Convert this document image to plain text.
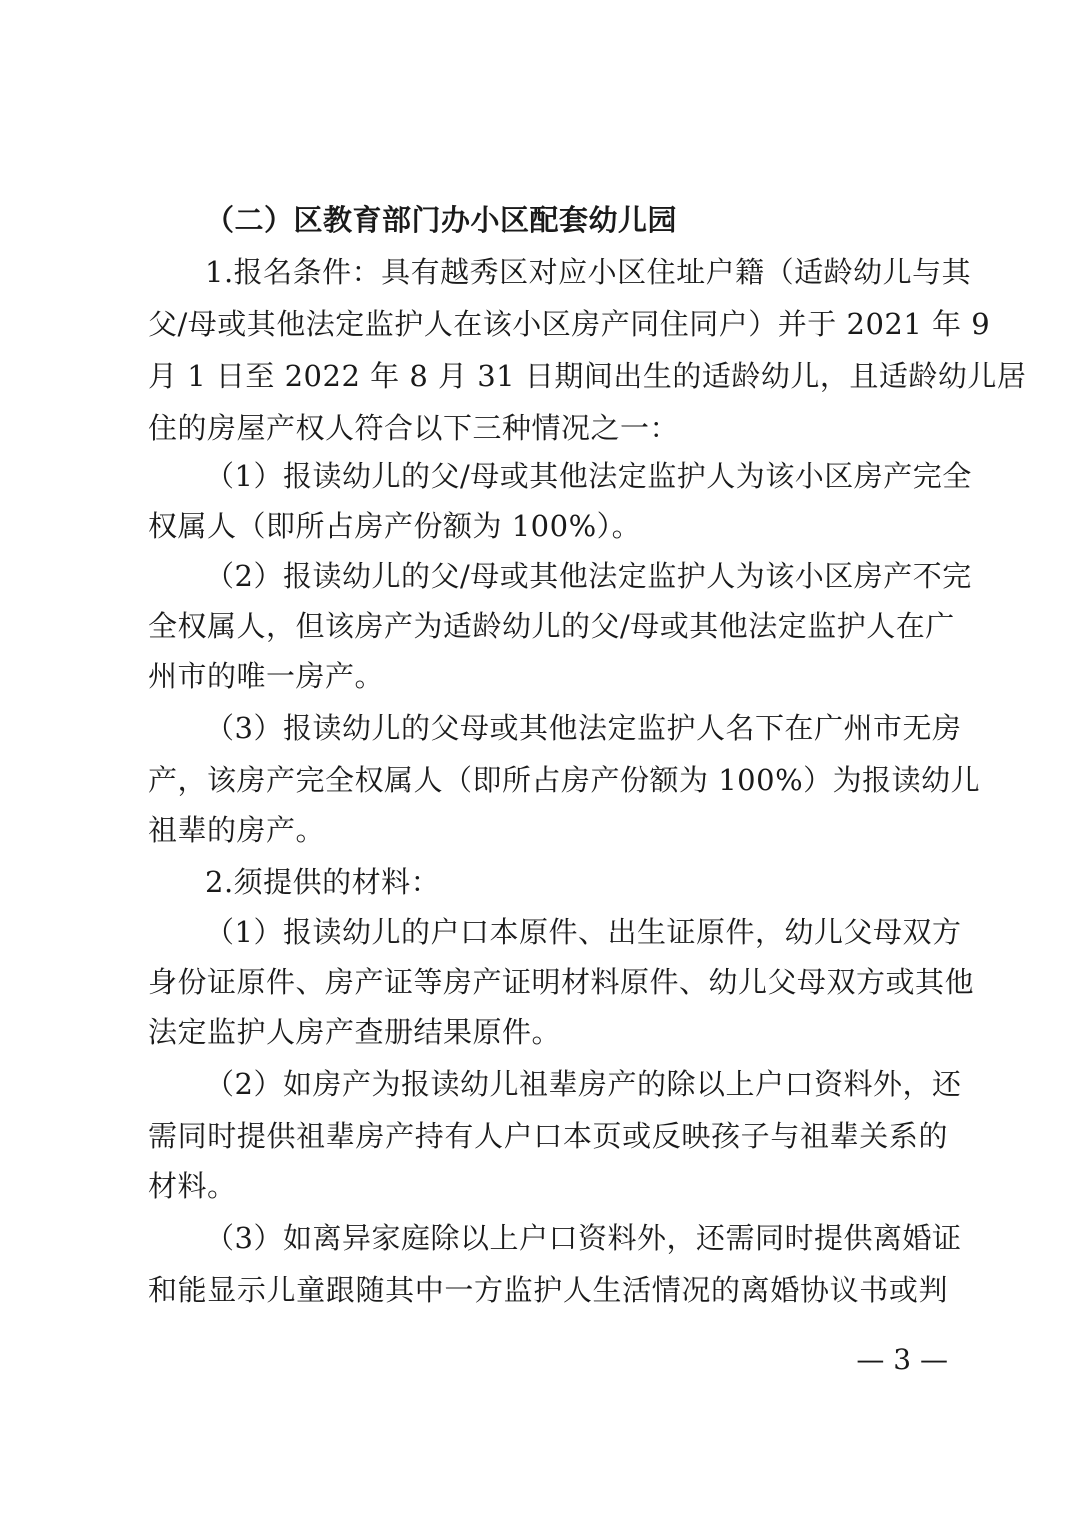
（二）区教育部门办小区配套幼儿园
1.报名条件：具有越秀区对应小区住址户籍（适龄幼儿与其
父/母或其他法定监护人在该小区房产同住同户）并于 2021 年 9
月 1 日至 2022 年 8 月 31 日期间出生的适龄幼儿，且适龄幼儿居
住的房屋产权人符合以下三种情况之一：
（1）报读幼儿的父/母或其他法定监护人为该小区房产完全
权属人（即所占房产份额为 100%）。
（2）报读幼儿的父/母或其他法定监护人为该小区房产不完
全权属人，但该房产为适龄幼儿的父/母或其他法定监护人在广
州市的唯一房产。
（3）报读幼儿的父母或其他法定监护人名下在广州市无房
产，该房产完全权属人（即所占房产份额为 100%）为报读幼儿
祖辈的房产。
2.须提供的材料：
（1）报读幼儿的户口本原件、出生证原件，幼儿父母双方
身份证原件、房产证等房产证明材料原件、幼儿父母双方或其他
法定监护人房产查册结果原件。
（2）如房产为报读幼儿祖辈房产的除以上户口资料外，还
需同时提供祖辈房产持有人户口本页或反映孩子与祖辈关系的
材料。
（3）如离异家庭除以上户口资料外，还需同时提供离婚证
和能显示儿童跟随其中一方监护人生活情况的离婚协议书或判
— 3 —
